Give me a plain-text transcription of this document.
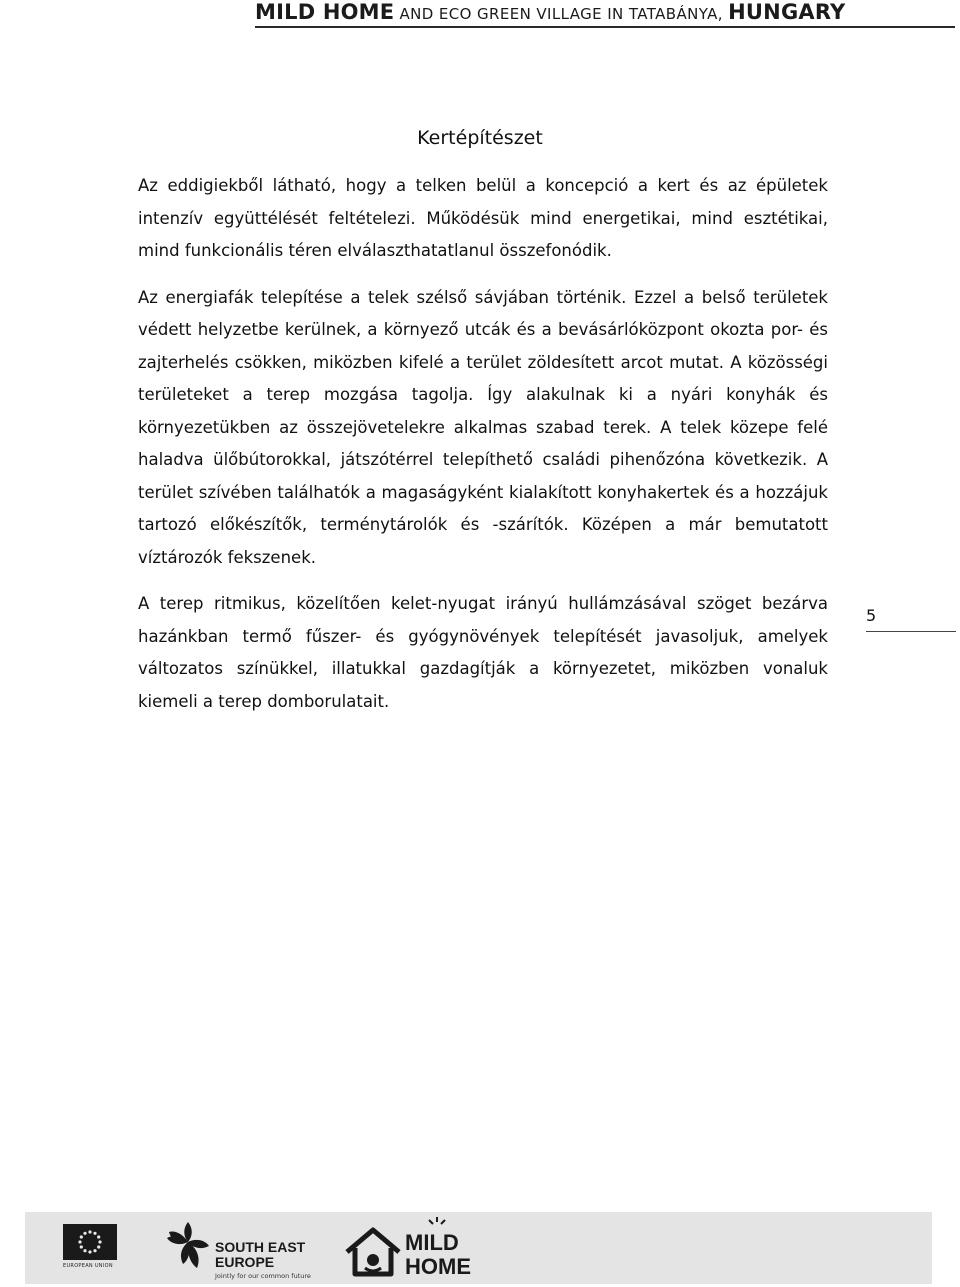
MILD HOME AND ECO GREEN VILLAGE IN TATABÁNYA, HUNGARY
Kertépítészet

Az eddigiekből látható, hogy a telken belül a koncepció a kert és az épületek intenzív együttélését feltételezi. Működésük mind energetikai, mind esztétikai, mind funkcionális téren elválaszthatatlanul összefonódik.

Az energiafák telepítése a telek szélső sávjában történik. Ezzel a belső területek védett helyzetbe kerülnek, a környező utcák és a bevásárlóközpont okozta por- és zajterhelés csökken, miközben kifelé a terület zöldesített arcot mutat. A közösségi területeket a terep mozgása tagolja. Így alakulnak ki a nyári konyhák és környezetükben az összejövetelekre alkalmas szabad terek. A telek közepe felé haladva ülőbútorokkal, játszótérrel telepíthető családi pihenőzóna következik. A terület szívében találhatók a magaságyként kialakított konyhakertek és a hozzájuk tartozó előkészítők, terménytárolók és -szárítók. Középen a már bemutatott víztározók fekszenek.

A terep ritmikus, közelítően kelet-nyugat irányú hullámzásával szöget bezárva hazánkban termő fűszer- és gyógynövények telepítését javasoljuk, amelyek változatos színükkel, illatukkal gazdagítják a környezetet, miközben vonaluk kiemeli a terep domborulatait.

5
EUROPEAN UNION
SOUTH EAST
EUROPE
Jointly for our common future
MILD
HOME
